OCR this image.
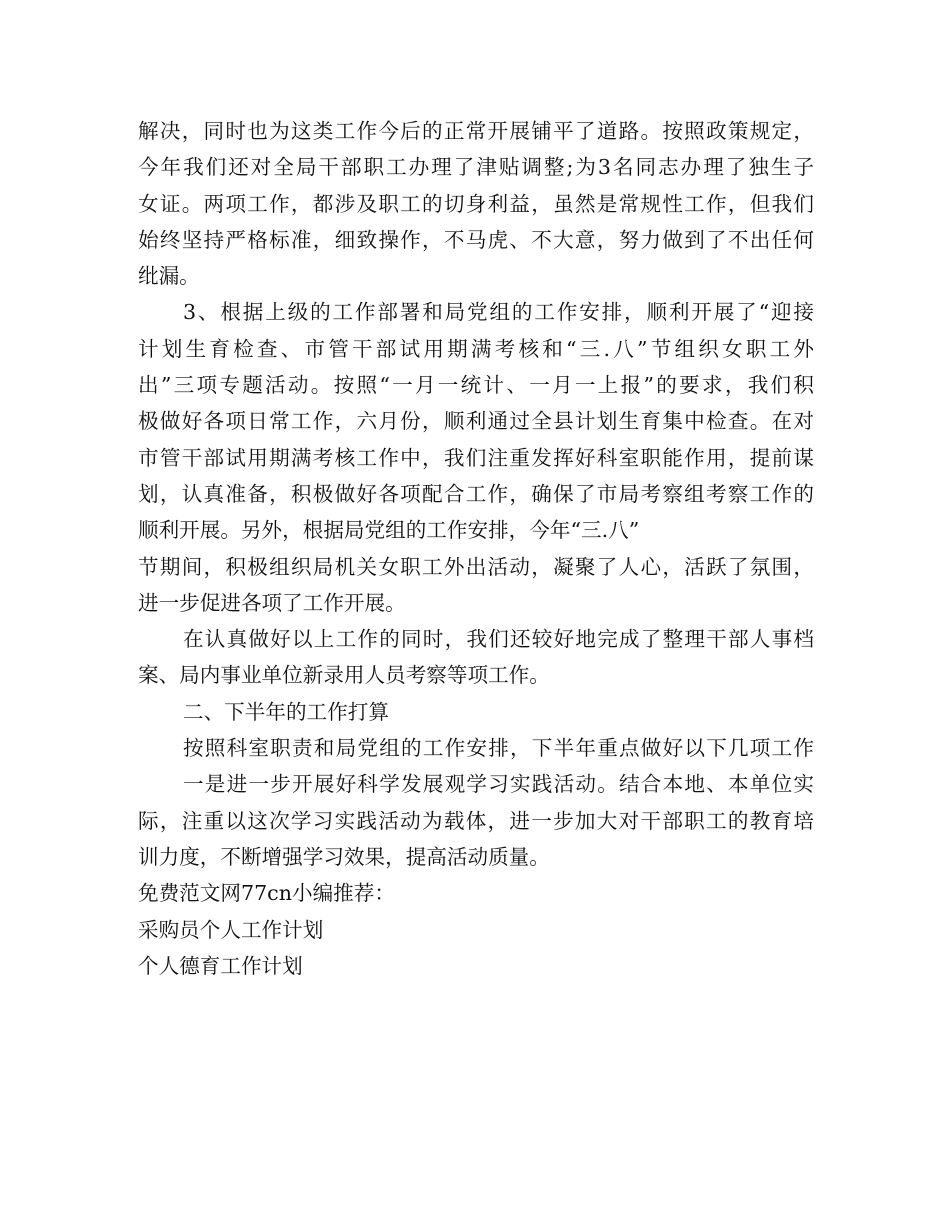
解决，同时也为这类工作今后的正常开展铺平了道路。按照政策规定，
今年我们还对全局干部职工办理了津贴调整;为3名同志办理了独生子
女证。两项工作，都涉及职工的切身利益，虽然是常规性工作，但我们
始终坚持严格标准，细致操作，不马虎、不大意，努力做到了不出任何
纰漏。
3、根据上级的工作部署和局党组的工作安排，顺利开展了“迎接
计划生育检查、市管干部试用期满考核和“三.八”节组织女职工外
出”三项专题活动。按照“一月一统计、一月一上报”的要求，我们积
极做好各项日常工作，六月份，顺利通过全县计划生育集中检查。在对
市管干部试用期满考核工作中，我们注重发挥好科室职能作用，提前谋
划，认真准备，积极做好各项配合工作，确保了市局考察组考察工作的
顺利开展。另外，根据局党组的工作安排，今年“三.八”
节期间，积极组织局机关女职工外出活动，凝聚了人心，活跃了氛围，
进一步促进各项了工作开展。
在认真做好以上工作的同时，我们还较好地完成了整理干部人事档
案、局内事业单位新录用人员考察等项工作。
二、下半年的工作打算
按照科室职责和局党组的工作安排，下半年重点做好以下几项工作
一是进一步开展好科学发展观学习实践活动。结合本地、本单位实
际，注重以这次学习实践活动为载体，进一步加大对干部职工的教育培
训力度，不断增强学习效果，提高活动质量。
免费范文网77cn小编推荐：
采购员个人工作计划
个人德育工作计划
